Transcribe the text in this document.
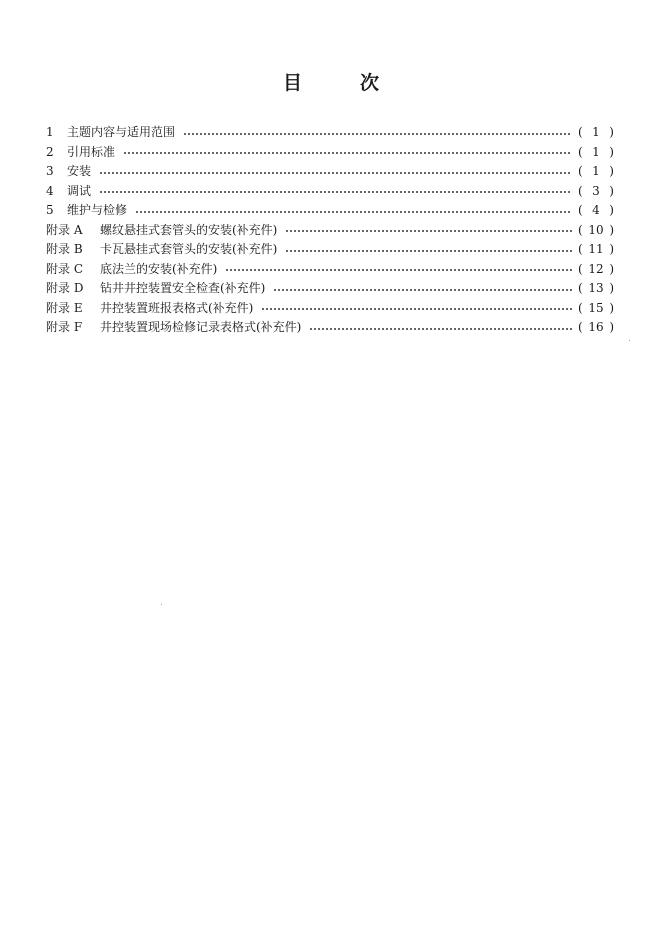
目	次
1	主题内容与适用范围	( 1 )
2	引用标准	( 1 )
3	安装	( 1 )
4	调试	( 3 )
5	维护与检修	( 4 )
附录 A	螺纹悬挂式套管头的安装(补充件)	( 10 )
附录 B	卡瓦悬挂式套管头的安装(补充件)	( 11 )
附录 C	底法兰的安装(补充件)	( 12 )
附录 D	钻井井控装置安全检查(补充件)	( 13 )
附录 E	井控装置班报表格式(补充件)	( 15 )
附录 F	井控装置现场检修记录表格式(补充件)	( 16 )
